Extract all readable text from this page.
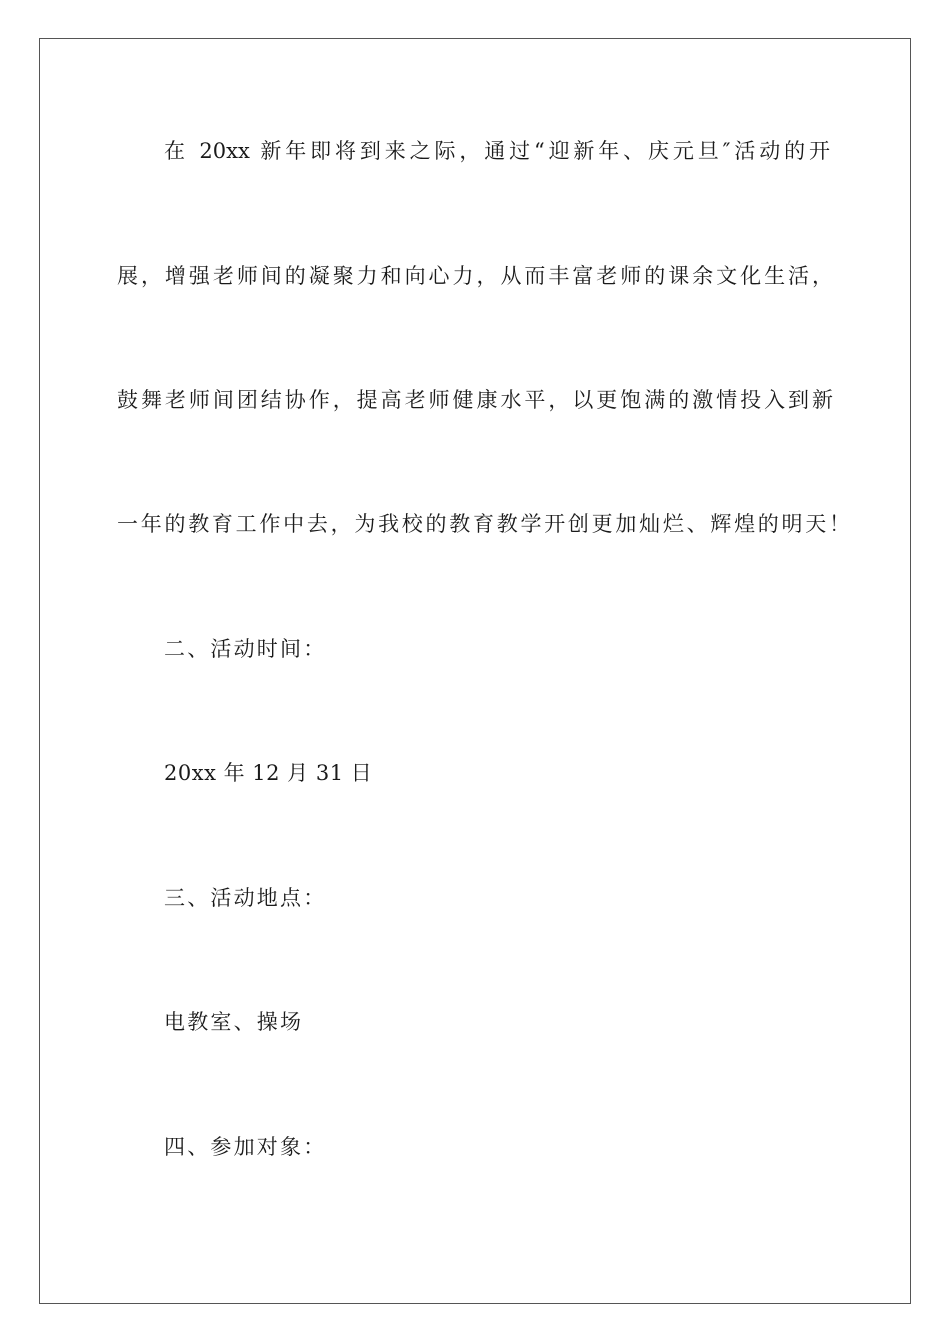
在 20xx 新年即将到来之际，通过“迎新年、庆元旦″活动的开
展，增强老师间的凝聚力和向心力，从而丰富老师的课余文化生活，
鼓舞老师间团结协作，提高老师健康水平，以更饱满的激情投入到新
一年的教育工作中去，为我校的教育教学开创更加灿烂、辉煌的明天！
二、活动时间：
20xx 年 12 月 31 日
三、活动地点：
电教室、操场
四、参加对象：
